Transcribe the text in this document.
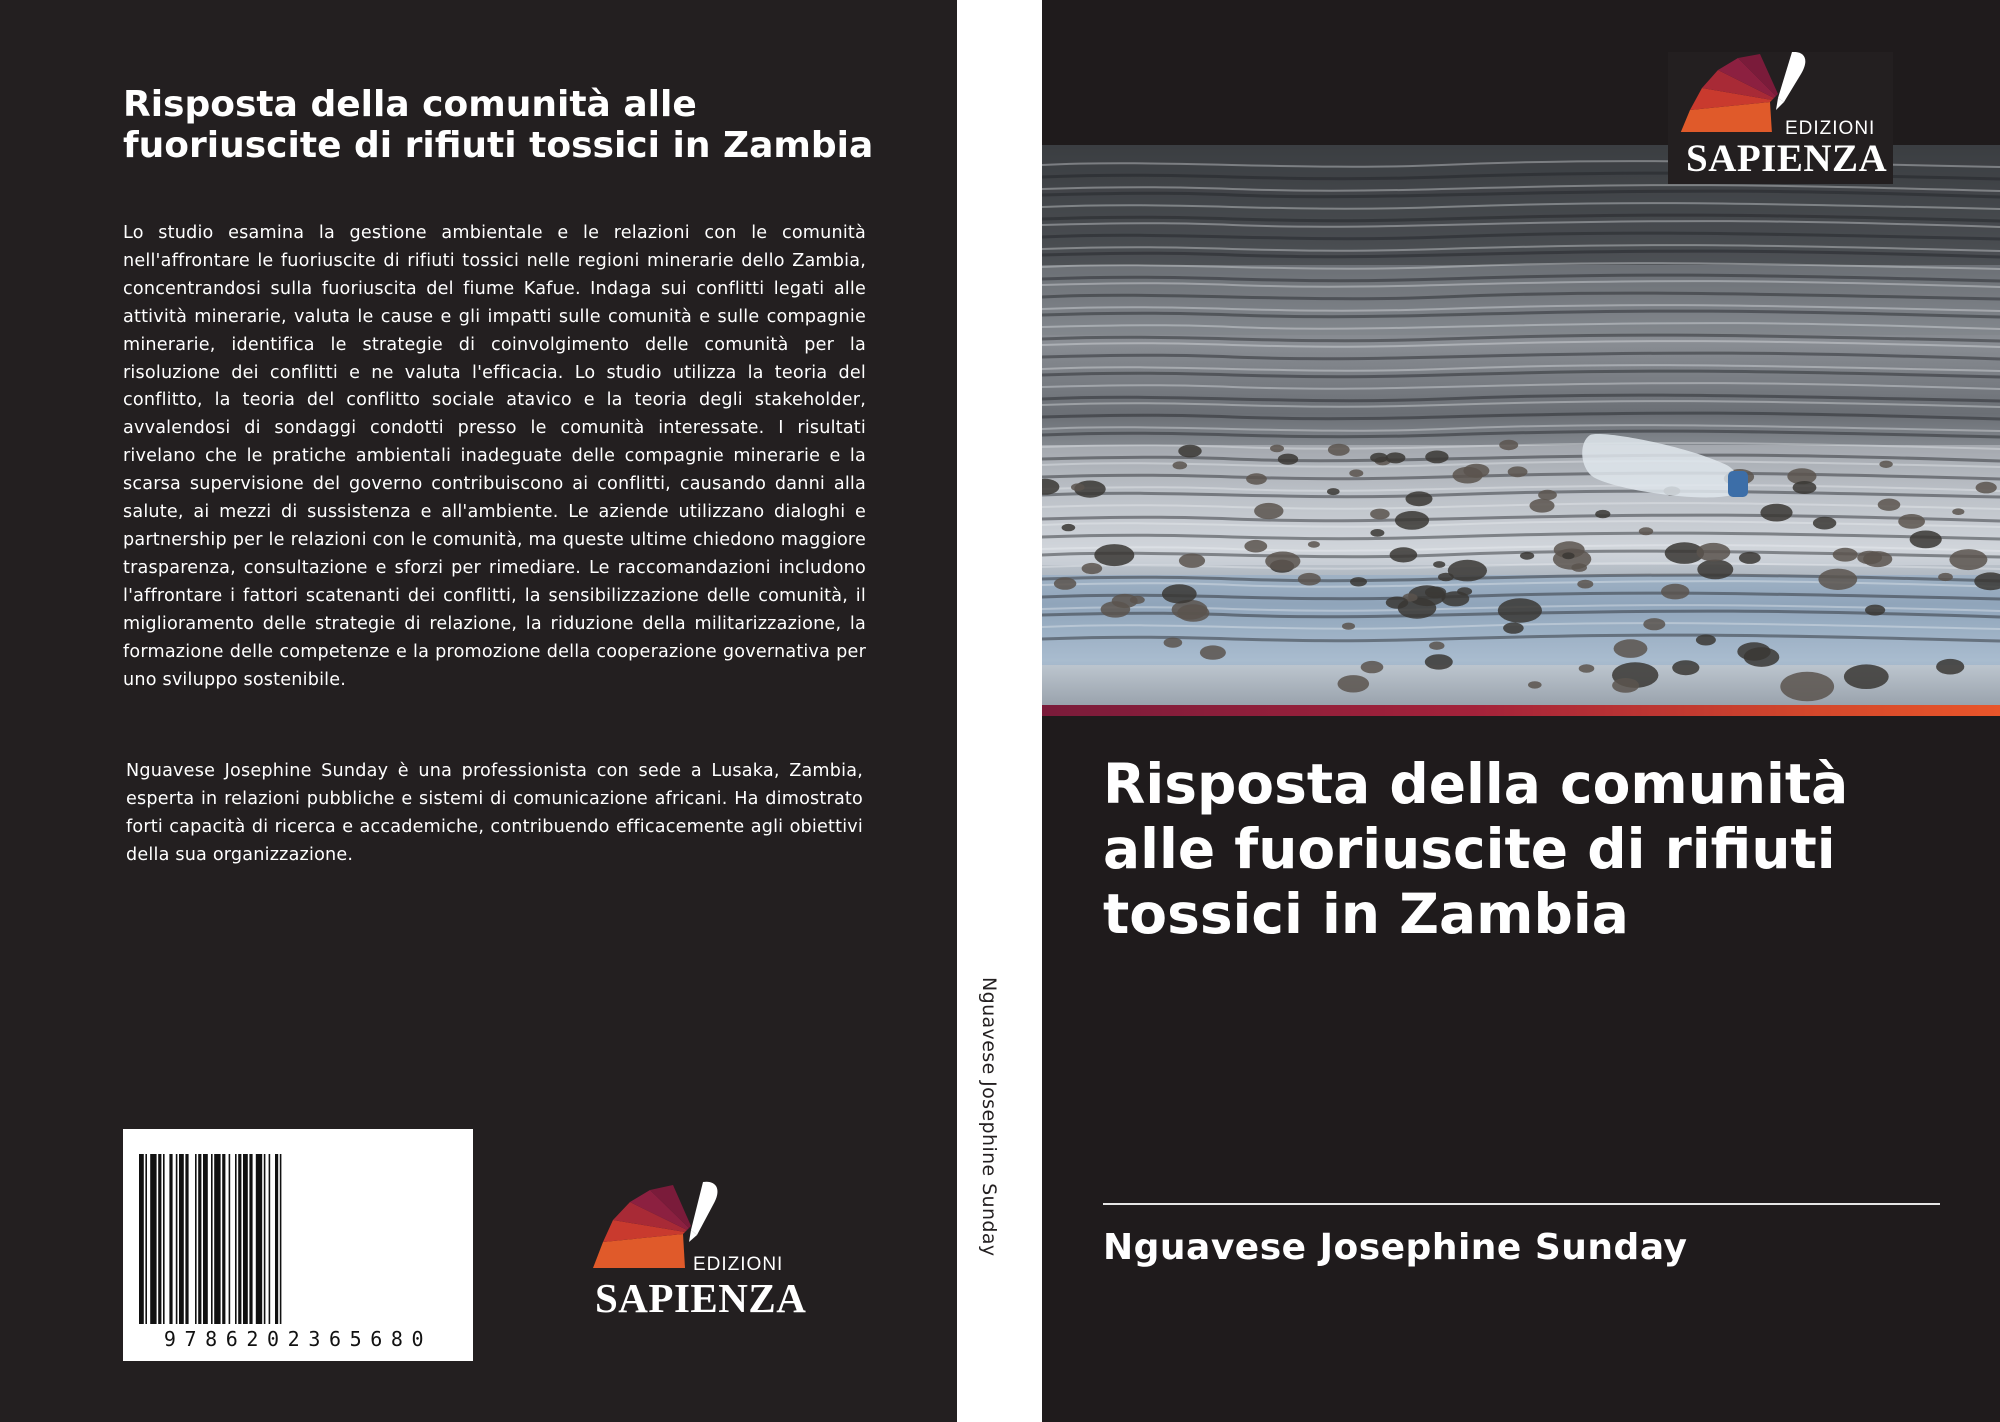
Risposta della comunità alle fuoriuscite di rifiuti tossici in Zambia

Lo studio esamina la gestione ambientale e le relazioni con le comunità nell'affrontare le fuoriuscite di rifiuti tossici nelle regioni minerarie dello Zambia, concentrandosi sulla fuoriuscita del fiume Kafue. Indaga sui conflitti legati alle attività minerarie, valuta le cause e gli impatti sulle comunità e sulle compagnie minerarie, identifica le strategie di coinvolgimento delle comunità per la risoluzione dei conflitti e ne valuta l'efficacia. Lo studio utilizza la teoria del conflitto, la teoria del conflitto sociale atavico e la teoria degli stakeholder, avvalendosi di sondaggi condotti presso le comunità interessate. I risultati rivelano che le pratiche ambientali inadeguate delle compagnie minerarie e la scarsa supervisione del governo contribuiscono ai conflitti, causando danni alla salute, ai mezzi di sussistenza e all'ambiente. Le aziende utilizzano dialoghi e partnership per le relazioni con le comunità, ma queste ultime chiedono maggiore trasparenza, consultazione e sforzi per rimediare. Le raccomandazioni includono l'affrontare i fattori scatenanti dei conflitti, la sensibilizzazione delle comunità, il miglioramento delle strategie di relazione, la riduzione della militarizzazione, la formazione delle competenze e la promozione della cooperazione governativa per uno sviluppo sostenibile.

Nguavese Josephine Sunday è una professionista con sede a Lusaka, Zambia, esperta in relazioni pubbliche e sistemi di comunicazione africani. Ha dimostrato forti capacità di ricerca e accademiche, contribuendo efficacemente agli obiettivi della sua organizzazione.

9786202365680
EDIZIONI
SAPIENZA
Nguavese Josephine Sunday
EDIZIONI
SAPIENZA
Risposta della comunità alle fuoriuscite di rifiuti tossici in Zambia
Nguavese Josephine Sunday
